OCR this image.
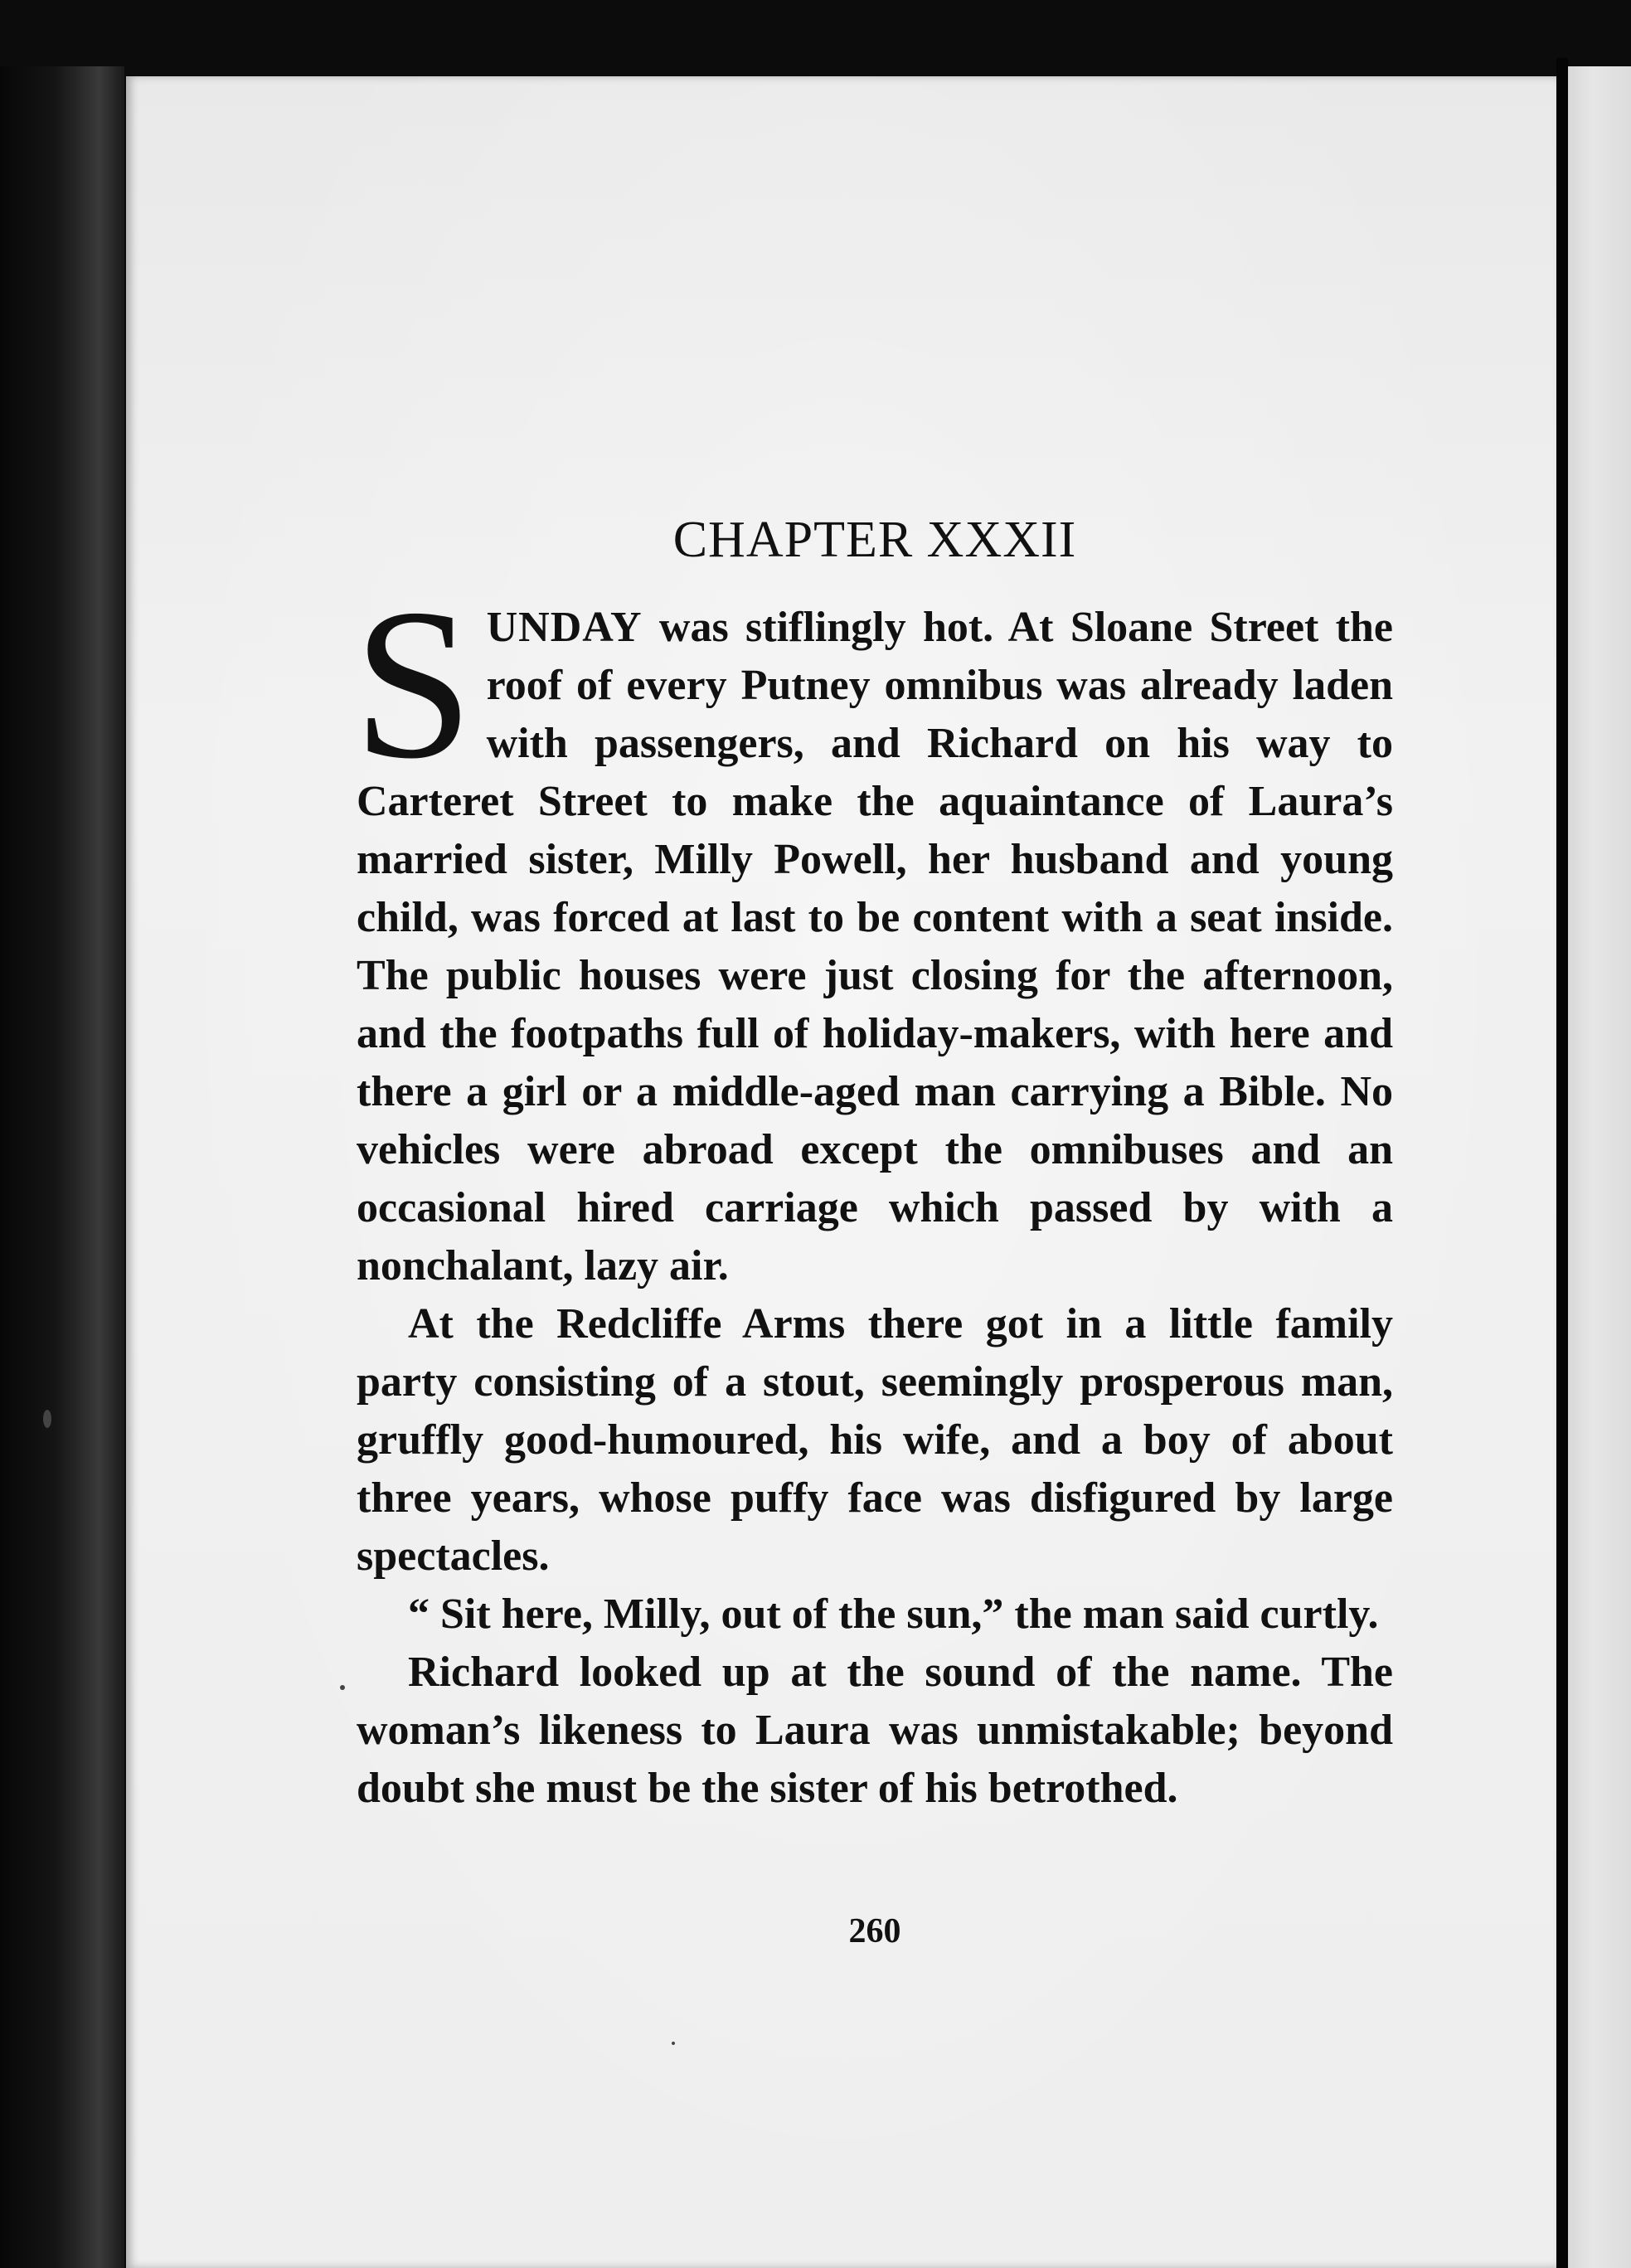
CHAPTER XXXII

SUNDAY was stiflingly hot. At Sloane Street the roof of every Putney omnibus was already laden with passengers, and Richard on his way to Carteret Street to make the aquaintance of Laura’s married sister, Milly Powell, her husband and young child, was forced at last to be content with a seat inside. The public houses were just closing for the afternoon, and the footpaths full of holiday-makers, with here and there a girl or a middle-aged man carrying a Bible. No vehicles were abroad except the omnibuses and an occasional hired carriage which passed by with a nonchalant, lazy air.

At the Redcliffe Arms there got in a little family party consisting of a stout, seemingly prosperous man, gruffly good-humoured, his wife, and a boy of about three years, whose puffy face was disfigured by large spectacles.

“ Sit here, Milly, out of the sun,” the man said curtly.

Richard looked up at the sound of the name. The woman’s likeness to Laura was unmistakable; beyond doubt she must be the sister of his betrothed.

260
